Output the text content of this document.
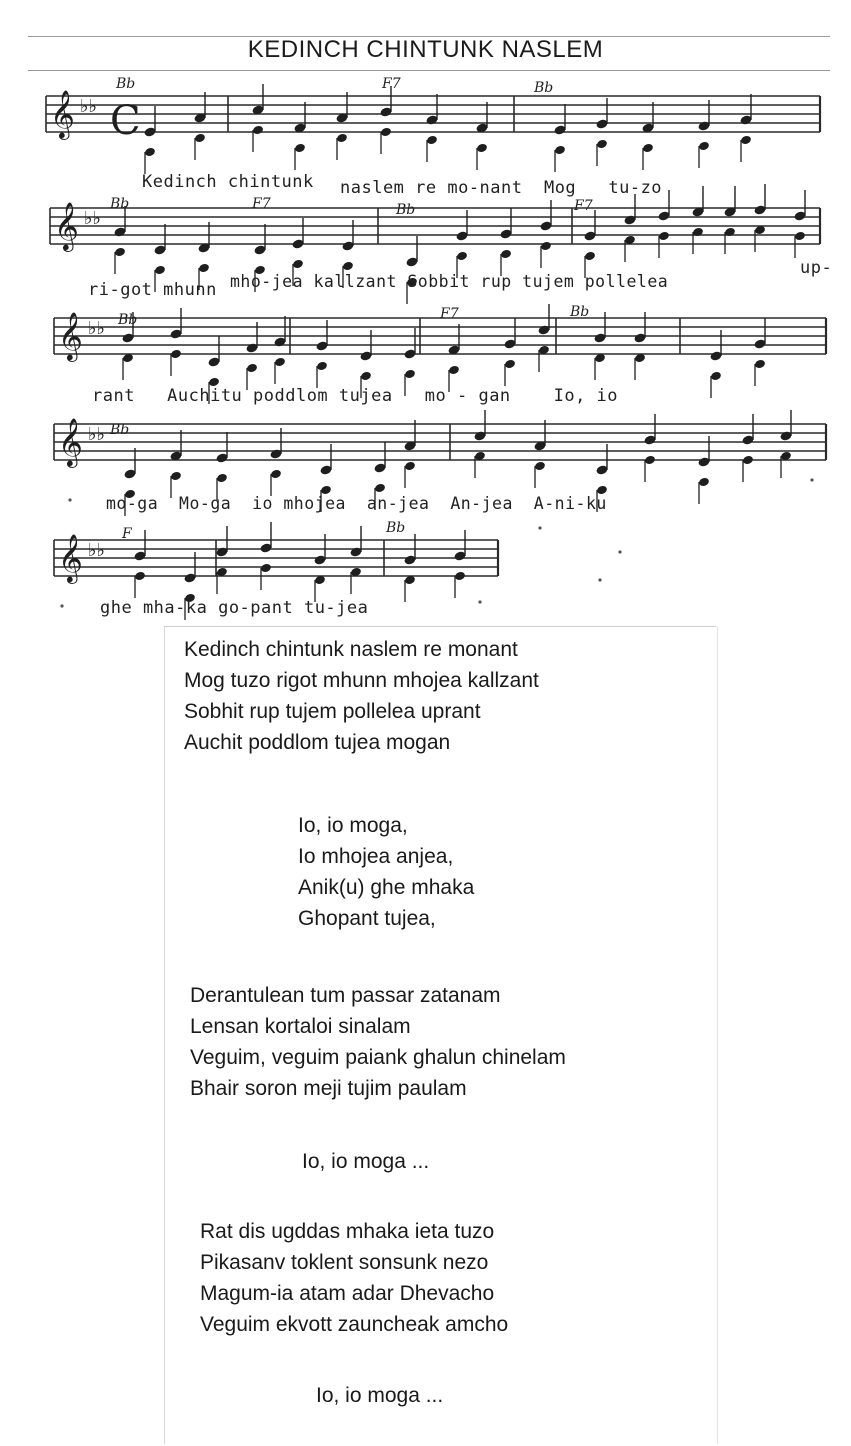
KEDINCH CHINTUNK NASLEM
𝄞 ♭♭
𝄞 ♭♭
𝄞 ♭♭
𝄞 ♭♭
𝄞 ♭♭
C
Bb	F7	Bb
Bb	F7	Bb	F7
Bb	F7	Bb
Bb
F	Bb
Kedinch chintunk naslem re mo-nant  Mog   tu-zo
up-
ri-got mhunn mho-jea kallzant Sobbit rup tujem pollelea
rant   Auchitu poddlom tujea   mo - gan    Io, io
mo-ga  Mo-ga  io mhojea  an-jea  An-jea  A-ni-ku
ghe mha-ka go-pant tu-jea
Kedinch chintunk naslem re monant
Mog tuzo rigot mhunn mhojea kallzant
Sobhit rup tujem pollelea uprant
Auchit poddlom tujea mogan
Io, io moga,
Io mhojea anjea,
Anik(u) ghe mhaka
Ghopant tujea,
Derantulean tum passar zatanam
Lensan kortaloi sinalam
Veguim, veguim paiank ghalun chinelam
Bhair soron meji tujim paulam
Io, io moga ...
Rat dis ugddas mhaka ieta tuzo
Pikasanv toklent sonsunk nezo
Magum-ia atam adar Dhevacho
Veguim ekvott zauncheak amcho
Io, io moga ...
